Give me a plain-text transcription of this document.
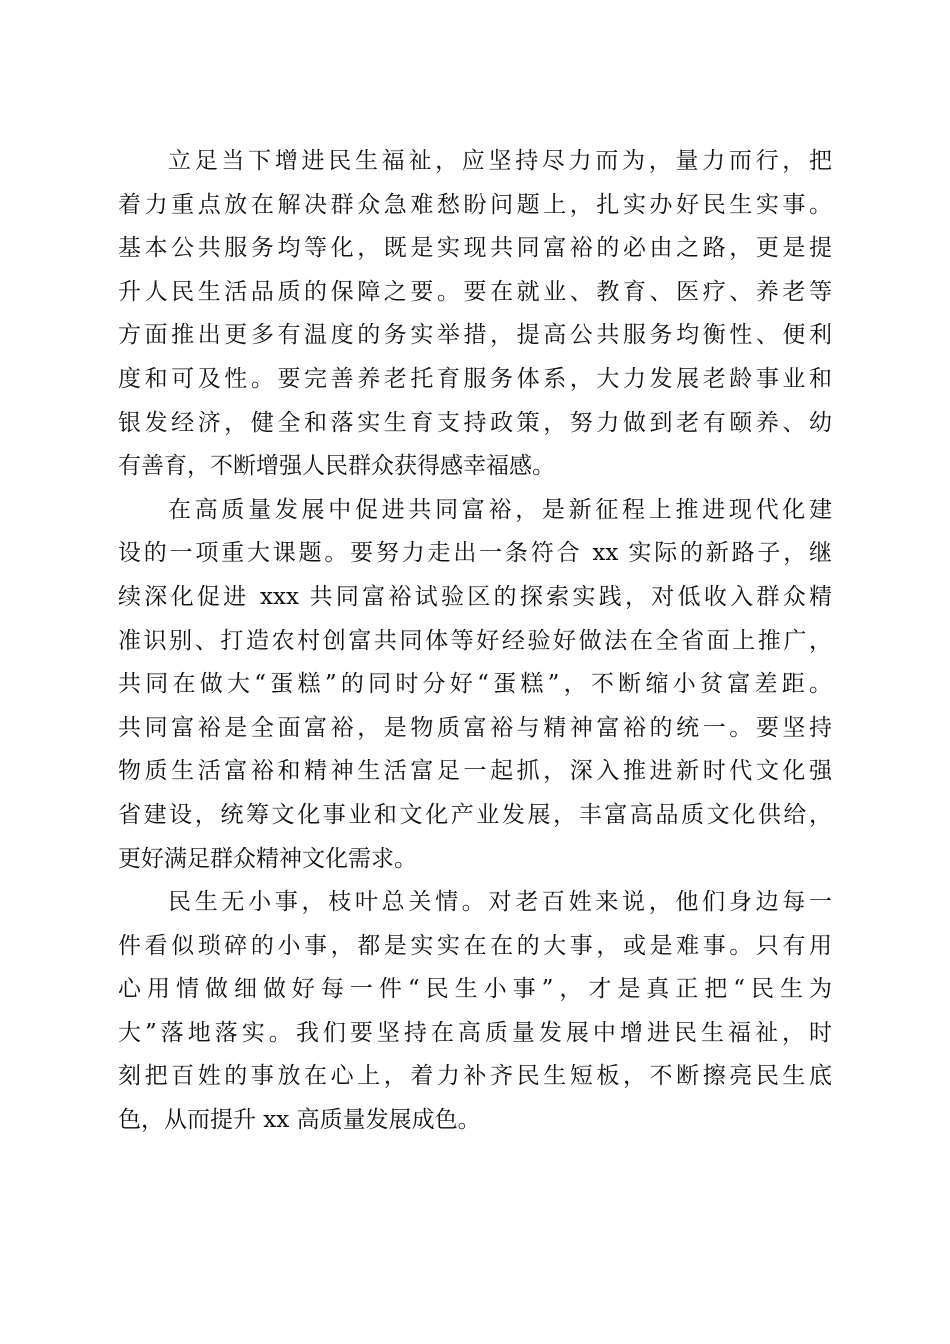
立足当下增进民生福祉，应坚持尽力而为，量力而行，把
着力重点放在解决群众急难愁盼问题上，扎实办好民生实事。
基本公共服务均等化，既是实现共同富裕的必由之路，更是提
升人民生活品质的保障之要。要在就业、教育、医疗、养老等
方面推出更多有温度的务实举措，提高公共服务均衡性、便利
度和可及性。要完善养老托育服务体系，大力发展老龄事业和
银发经济，健全和落实生育支持政策，努力做到老有颐养、幼
有善育，不断增强人民群众获得感幸福感。
在高质量发展中促进共同富裕，是新征程上推进现代化建
设的一项重大课题。要努力走出一条符合 xx 实际的新路子，继
续深化促进 xxx 共同富裕试验区的探索实践，对低收入群众精
准识别、打造农村创富共同体等好经验好做法在全省面上推广，
共同在做大“蛋糕”的同时分好“蛋糕”，不断缩小贫富差距。
共同富裕是全面富裕，是物质富裕与精神富裕的统一。要坚持
物质生活富裕和精神生活富足一起抓，深入推进新时代文化强
省建设，统筹文化事业和文化产业发展，丰富高品质文化供给，
更好满足群众精神文化需求。
民生无小事，枝叶总关情。对老百姓来说，他们身边每一
件看似琐碎的小事，都是实实在在的大事，或是难事。只有用
心用情做细做好每一件“民生小事”，才是真正把“民生为
大”落地落实。我们要坚持在高质量发展中增进民生福祉，时
刻把百姓的事放在心上，着力补齐民生短板，不断擦亮民生底
色，从而提升 xx 高质量发展成色。
